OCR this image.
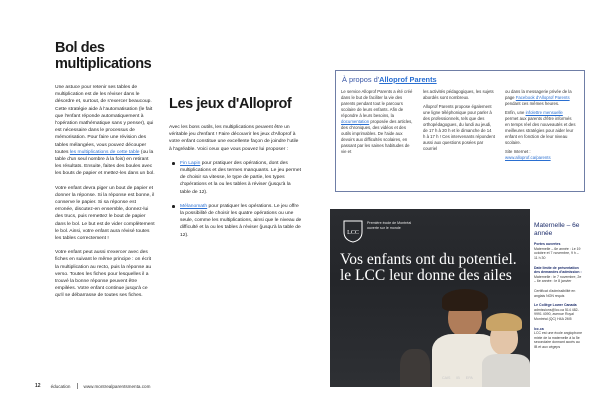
Bol des multiplications

Une astuce pour retenir ses tables de multiplication est de les réviser dans le désordre et, surtout, de s'exercer beaucoup. Cette stratégie aide à l'automatisation (le fait que l'enfant réponde automatiquement à l'opération mathématique sans y penser), qui est nécessaire dans le processus de mémorisation. Pour faire une révision des tables mélangées, vous pouvez découper toutes les multiplications de cette table (ou la table d'un seul nombre à la fois) en retirant les résultats. Ensuite, faites des boules avec les bouts de papier et mettez-les dans un bol.

Votre enfant devra piger un bout de papier et donner la réponse. Si la réponse est bonne, il conserve le papier. Si sa réponse est erronée, discutez-en ensemble, donnez-lui des trucs, puis remettez le bout de papier dans le bol. Le but est de vider complètement le bol. Ainsi, votre enfant aura révisé toutes les tables correctement !

Votre enfant peut aussi s'exercer avec des fiches en suivant le même principe : on écrit la multiplication au recto, puis la réponse au verso. Toutes les fiches pour lesquelles il a trouvé la bonne réponse peuvent être empilées. Votre enfant continue jusqu'à ce qu'il se débarrasse de toutes ses fiches.

Les jeux d'Alloprof

Avec les bons outils, les multiplications peuvent être un véritable jeu d'enfant ! Faire découvrir les jeux d'Alloprof à votre enfant constitue une excellente façon de joindre l'utile à l'agréable. Voici ceux que vous pouvez lui proposer :

Fin Lapin pour pratiquer des opérations, dont des multiplications et des termes manquants. Le jeu permet de choisir sa vitesse, le type de partie, les types d'opérations et la ou les tables à réviser (jusqu'à la table de 12).
Mélanomath pour pratiquer les opérations. Le jeu offre la possibilité de choisir les quatre opérations ou une seule, comme les multiplications, ainsi que le niveau de difficulté et la ou les tables à réviser (jusqu'à la table de 12).
À propos d'Alloprof Parents

Le service Alloprof Parents a été créé dans le but de faciliter la vie des parents pendant tout le parcours scolaire de leurs enfants. Afin de répondre à leurs besoins, la documentation proposée des articles, des chroniques, des vidéos et des outils imprimables. De l'aide aux devoirs aux difficultés scolaires, en passant par les saines habitudes de vie et

les activités pédagogiques, les sujets abordés sont nombreux.

Alloprof Parents propose également une ligne téléphonique pour parler à des professionnels, tels que des orthopédagogues, du lundi au jeudi, de 17 h à 20 h et le dimanche de 14 h à 17 h ! Ces intervenants répondent aussi aux questions posées par courriel

ou dans la messagerie privée de la page Facebook d'Alloprof Parents pendant ces mêmes heures.

Enfin, une infolettre mensuelle permet aux parents d'être informés en temps réel des nouveautés et des meilleures stratégies pour aider leur enfant en fonction de leur niveau scolaire.

Site Internet : www.alloprof.ca/parents

LCC
Première école de Montréal ouverte sur le monde
Vos enfants ont du potentiel. le LCC leur donne des ailes
CAIS IB EPA
Maternelle – 6e année
Portes ouvertes
Maternelle – 6e année : Le 19 octobre et 7 novembre, 9 h – 11 h 30
Date limite de présentation des demandes d'admission :
Maternelle : le 7 novembre, 2e – 6e année : le 8 janvier
Certificat d'admissibilité en anglais NON requis
Le Collège Lower Canada
admissions@lcc.ca 514 482-9991 4090, avenue Royal Montréal (QC) H4A 2M5
lcc.ca
LCC est une école anglophone mixte de la maternelle à la 5e secondaire donnant accès au IB et aux cégeps
12 éducation	www.montrealparentsmenta.com
